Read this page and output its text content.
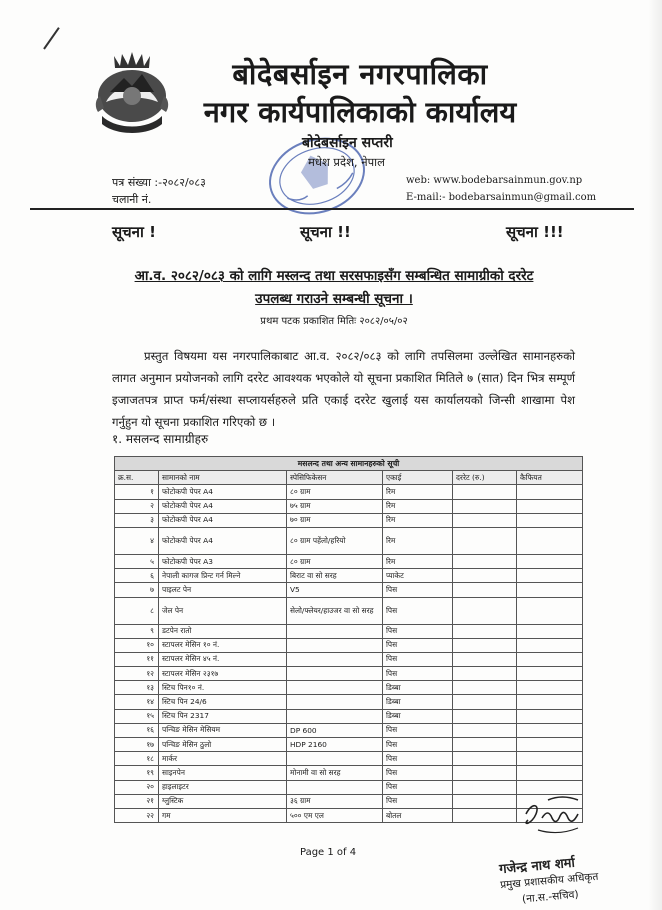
बोदेबर्साइन नगरपालिका
नगर कार्यपालिकाको कार्यालय
बोदेबर्साइन सप्तरी
मधेश प्रदेश, नेपाल
पत्र संख्या :-२०८२/०८३
चलानी नं.
web: www.bodebarsainmun.gov.np
E-mail:- bodebarsainmun@gmail.com
सूचना !	सूचना !!	सूचना !!!
आ.व. २०८२/०८३ को लागि मस्लन्द तथा सरसफाइसँग सम्बन्धित सामाग्रीको दररेट
उपलब्ध गराउने सम्बन्धी सूचना ।
प्रथम पटक प्रकाशित मितिः २०८२/०५/०२
प्रस्तुत विषयमा यस नगरपालिकाबाट आ.व. २०८२/०८३ को लागि तपसिलमा उल्लेखित सामानहरुको लागत अनुमान प्रयोजनको लागि दररेट आवश्यक भएकोले यो सूचना प्रकाशित मितिले ७ (सात) दिन भित्र सम्पूर्ण इजाजतपत्र प्राप्त फर्म/संस्था सप्लायर्सहरुले प्रति एकाई दररेट खुलाई यस कार्यालयको जिन्सी शाखामा पेश गर्नुहुन यो सूचना प्रकाशित गरिएको छ ।
१. मसलन्द सामाग्रीहरु
मसलन्द तथा अन्य सामानहरुको सूची					
क्र.स.	सामानको नाम	स्पेसिफिकेसन	एकाई	दररेट (रु.)	कैफियत
१	फोटोकपी पेपर A4	८० ग्राम	रिम		
२	फोटोकपी पेपर A4	७५ ग्राम	रिम		
३	फोटोकपी पेपर A4	७० ग्राम	रिम		
४	फोटोकपी पेपर A4	८० ग्राम पहेंलो/हरियो	रिम		
५	फोटोकपी पेपर A3	८० ग्राम	रिम		
६	नेपाली कागज प्रिन्ट गर्न मिल्ने	बिराट वा सो सरह	प्याकेट		
७	पाइलट पेन	V5	पिस		
८	जेल पेन	सेलो/फ्लेयर/हाउजर वा सो सरह	पिस		
९	डटपेन रातो		पिस		
१०	स्टापलर मेसिन १० नं.		पिस		
११	स्टापलर मेसिन ४५ नं.		पिस		
१२	स्टापलर मेसिन २३१७		पिस		
१३	स्टिच पिन१० नं.		डिब्बा		
१४	स्टिच पिन 24/6		डिब्बा		
१५	स्टिच पिन 2317		डिब्बा		
१६	पन्चिङ मेसिन मेसियम	DP 600	पिस		
१७	पन्चिङ मेसिन ठुलो	HDP 2160	पिस		
१८	मार्कर		पिस		
१९	साइनपेन	मोनामी वा सो सरह	पिस		
२०	हाइलाइटर		पिस		
२१	ग्लुस्टिक	३६ ग्राम	पिस		
२२	गम	५०० एम एल	बोतल		
गजेन्द्र नाथ शर्मा
प्रमुख प्रशासकीय अधिकृत
(ना.स.-सचिव)
Page 1 of 4
